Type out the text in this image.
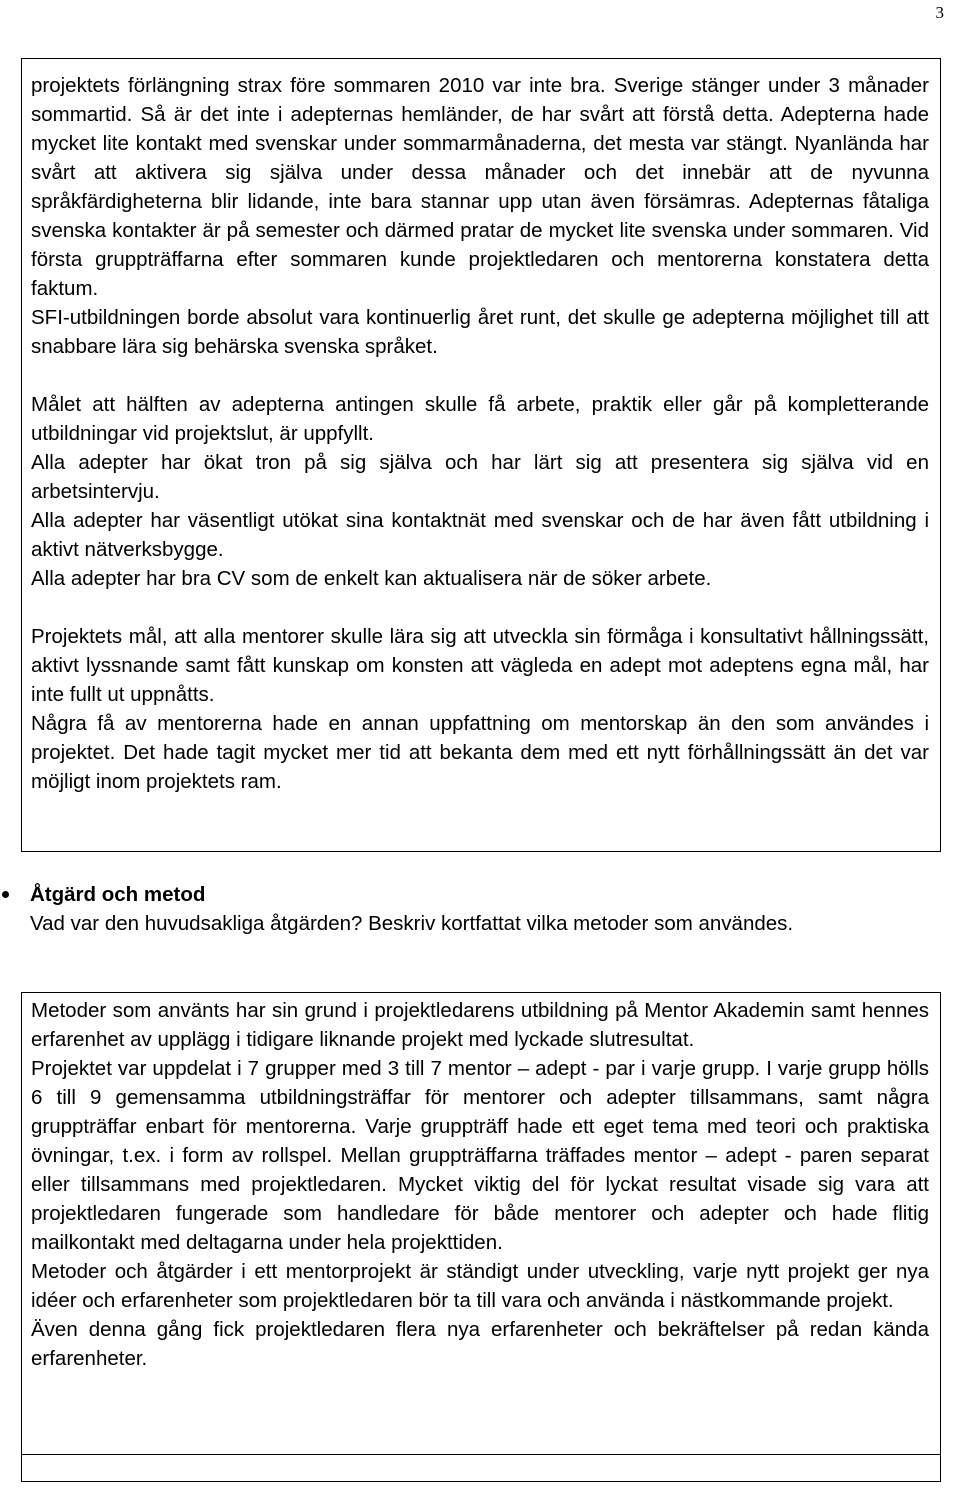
3

projektets förlängning strax före sommaren 2010 var inte bra. Sverige stänger under 3 månader sommartid. Så är det inte i adepternas hemländer, de har svårt att förstå detta. Adepterna hade mycket lite kontakt med svenskar under sommarmånaderna, det mesta var stängt. Nyanlända har svårt att aktivera sig själva under dessa månader och det innebär att de nyvunna språkfärdigheterna blir lidande, inte bara stannar upp utan även försämras. Adepternas fåtaliga svenska kontakter är på semester och därmed pratar de mycket lite svenska under sommaren. Vid första gruppträffarna efter sommaren kunde projektledaren och mentorerna konstatera detta faktum.

SFI-utbildningen borde absolut vara kontinuerlig året runt, det skulle ge adepterna möjlighet till att snabbare lära sig behärska svenska språket.

Målet att hälften av adepterna antingen skulle få arbete, praktik eller går på kompletterande utbildningar vid projektslut, är uppfyllt.

Alla adepter har ökat tron på sig själva och har lärt sig att presentera sig själva vid en arbetsintervju.

Alla adepter har väsentligt utökat sina kontaktnät med svenskar och de har även fått utbildning i aktivt nätverksbygge.

Alla adepter har bra CV som de enkelt kan aktualisera när de söker arbete.

Projektets mål, att alla mentorer skulle lära sig att utveckla sin förmåga i konsultativt hållningssätt, aktivt lyssnande samt fått kunskap om konsten att vägleda en adept mot adeptens egna mål, har inte fullt ut uppnåtts.

Några få av mentorerna hade en annan uppfattning om mentorskap än den som användes i projektet. Det hade tagit mycket mer tid att bekanta dem med ett nytt förhållningssätt än det var möjligt inom projektets ram.

Åtgärd och metod
Vad var den huvudsakliga åtgärden? Beskriv kortfattat vilka metoder som användes.

Metoder som använts har sin grund i projektledarens utbildning på Mentor Akademin samt hennes erfarenhet av upplägg i tidigare liknande projekt med lyckade slutresultat.

Projektet var uppdelat i 7 grupper med 3 till 7 mentor – adept - par i varje grupp. I varje grupp hölls 6 till 9 gemensamma utbildningsträffar för mentorer och adepter tillsammans, samt några gruppträffar enbart för mentorerna. Varje gruppträff hade ett eget tema med teori och praktiska övningar, t.ex. i form av rollspel. Mellan gruppträffarna träffades mentor – adept - paren separat eller tillsammans med projektledaren. Mycket viktig del för lyckat resultat visade sig vara att projektledaren fungerade som handledare för både mentorer och adepter och hade flitig mailkontakt med deltagarna under hela projekttiden.

Metoder och åtgärder i ett mentorprojekt är ständigt under utveckling, varje nytt projekt ger nya idéer och erfarenheter som projektledaren bör ta till vara och använda i nästkommande projekt.

Även denna gång fick projektledaren flera nya erfarenheter och bekräftelser på redan kända erfarenheter.
